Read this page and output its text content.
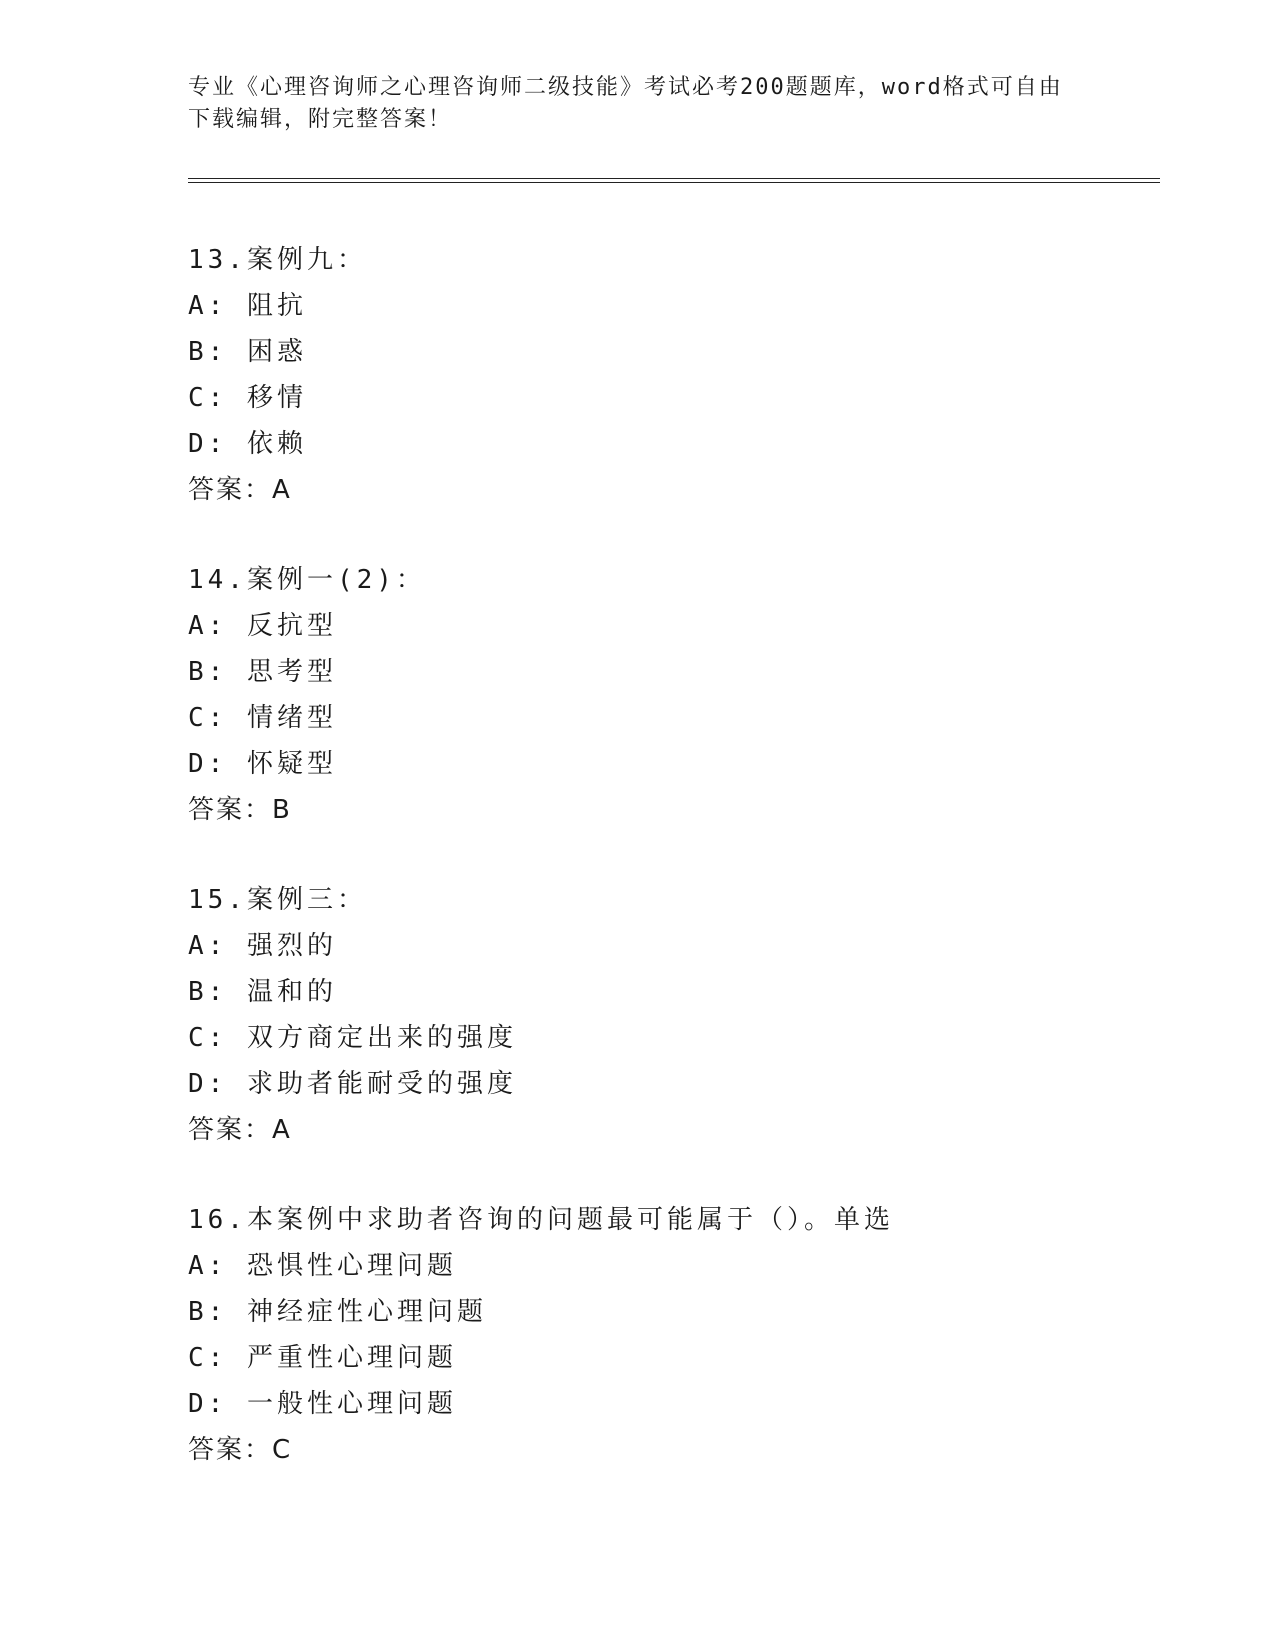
专业《心理咨询师之心理咨询师二级技能》考试必考200题题库，word格式可自由下载编辑，附完整答案！
13.案例九：
A: 阻抗
B: 困惑
C: 移情
D: 依赖
答案：A
14.案例一(2)：
A: 反抗型
B: 思考型
C: 情绪型
D: 怀疑型
答案：B
15.案例三：
A: 强烈的
B: 温和的
C: 双方商定出来的强度
D: 求助者能耐受的强度
答案：A
16.本案例中求助者咨询的问题最可能属于（）。单选
A: 恐惧性心理问题
B: 神经症性心理问题
C: 严重性心理问题
D: 一般性心理问题
答案：C
